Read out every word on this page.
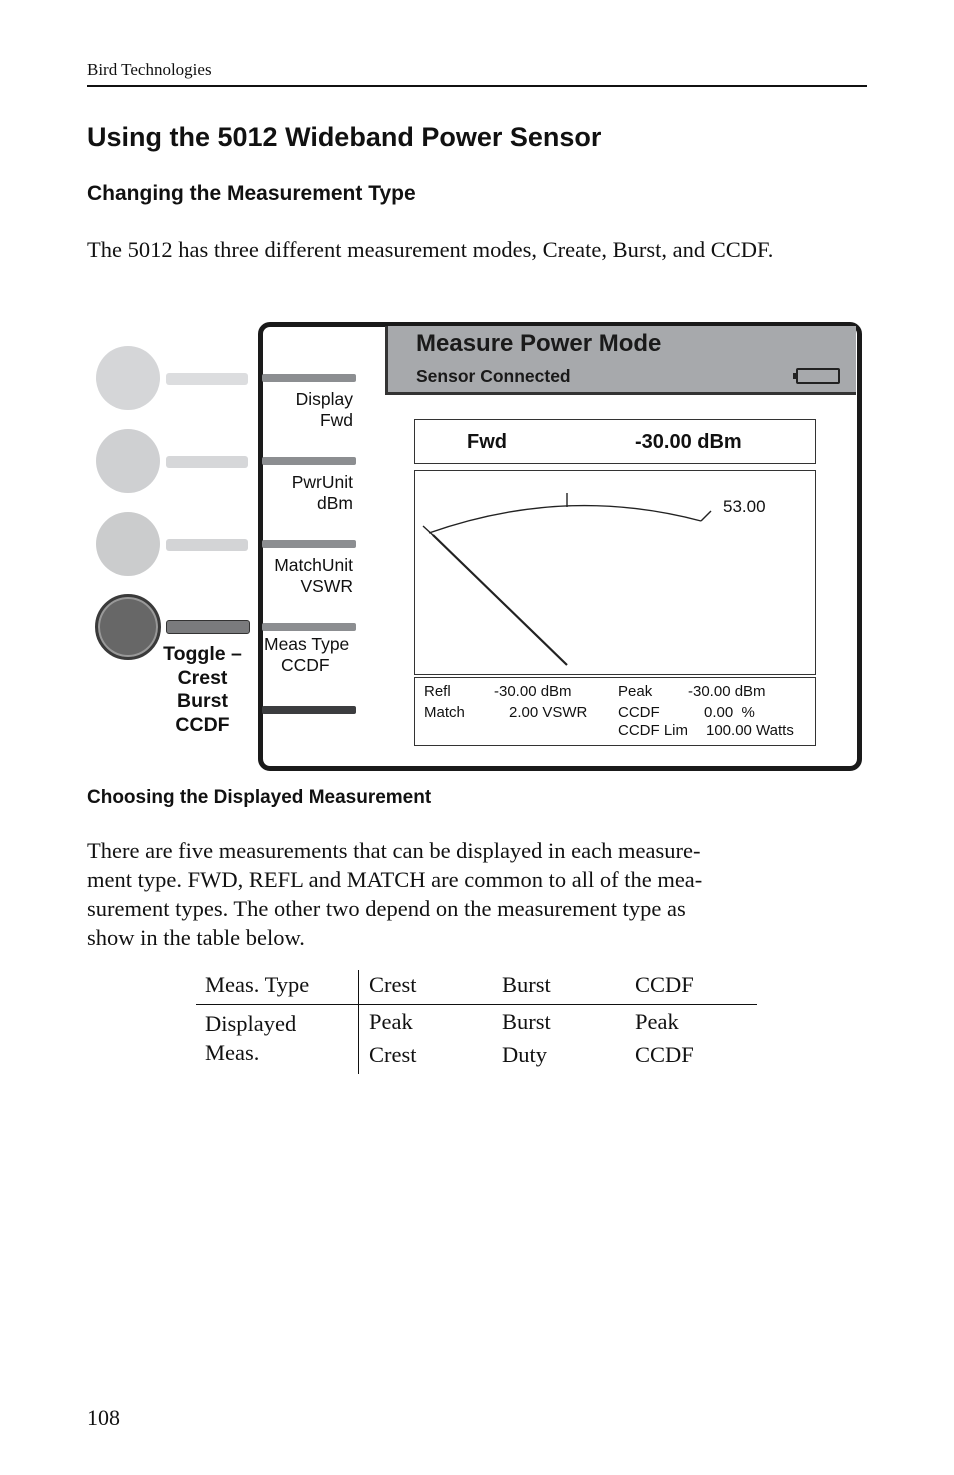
Bird Technologies
Using the 5012 Wideband Power Sensor
Changing the Measurement Type
The 5012 has three different measurement modes, Create, Burst, and CCDF.
Toggle –
Crest
Burst
CCDF
Measure Power Mode
Sensor Connected
Display
Fwd
PwrUnit
dBm
MatchUnit
VSWR
Meas Type
CCDF
Fwd	-30.00 dBm
53.00
Refl	-30.00 dBm	Peak -30.00 dBm
Match	2.00 VSWR CCDF	0.00  %
CCDF Lim 100.00 Watts
Choosing the Displayed Measurement
There are five measurements that can be displayed in each measure-
ment type. FWD, REFL and MATCH are common to all of the mea-
surement types. The other two depend on the measurement type as
show in the table below.
Meas. Type	Crest	Burst	CCDF

Displayed
Meas.	Peak	Burst	Peak
	Crest	Duty	CCDF
108
